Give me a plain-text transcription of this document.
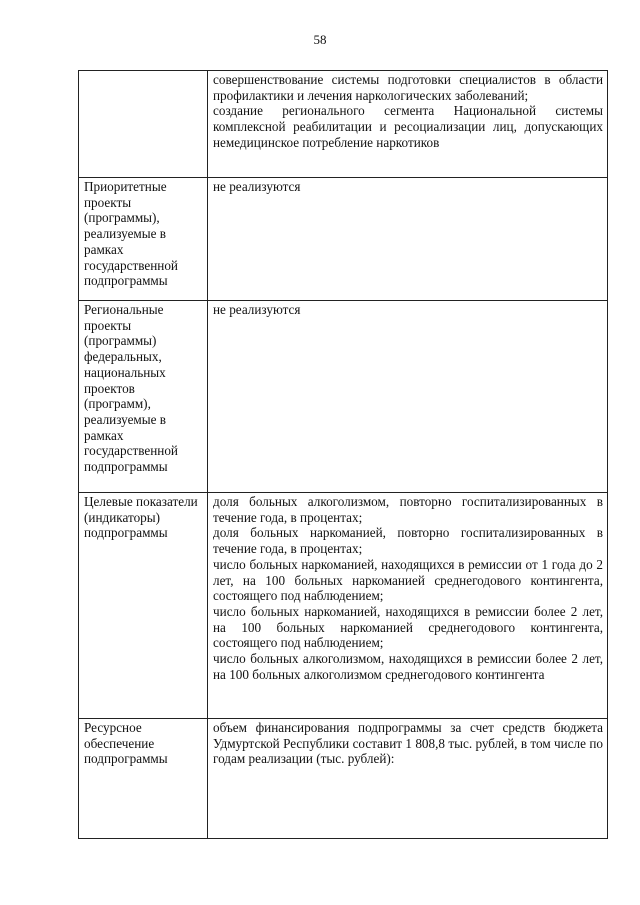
58

	совершенствование системы подготовки специалистов в области профилактики и лечения наркологических заболеваний;

создание регионального сегмента Национальной системы комплексной реабилитации и ресоциализации лиц, допускающих немедицинское потребление наркотиков

Приоритетные проекты (программы), реализуемые в рамках государственной подпрограммы	не реализуются

Региональные проекты (программы) федеральных, национальных проектов (программ), реализуемые в рамках государственной подпрограммы	не реализуются

Целевые показатели (индикаторы) подпрограммы	доля больных алкоголизмом, повторно госпитализированных в течение года, в процентах;

доля больных наркоманией, повторно госпитализированных в течение года, в процентах;

число больных наркоманией, находящихся в ремиссии от 1 года до 2 лет, на 100 больных наркоманией среднегодового контингента, состоящего под наблюдением;

число больных наркоманией, находящихся в ремиссии более 2 лет, на 100 больных наркоманией среднегодового контингента, состоящего под наблюдением;

число больных алкоголизмом, находящихся в ремиссии более 2 лет, на 100 больных алкоголизмом среднегодового контингента

Ресурсное обеспечение подпрограммы	объем финансирования подпрограммы за счет средств бюджета Удмуртской Республики составит 1 808,8 тыс. рублей, в том числе по годам реализации (тыс. рублей):
